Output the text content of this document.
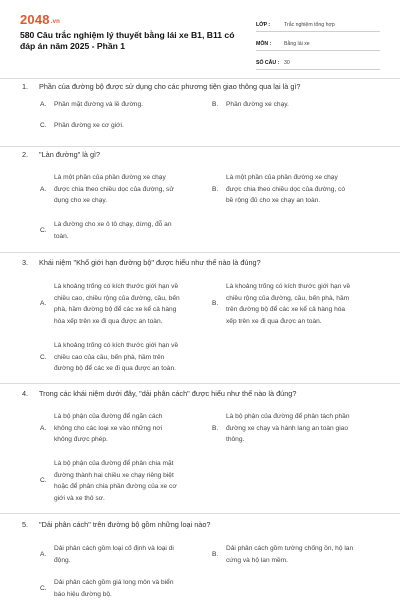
2048.vn
580 Câu trắc nghiệm lý thuyết bằng lái xe B1, B11 có đáp án năm 2025 - Phần 1
LỚP :	Trắc nghiệm tổng hợp
MÔN :	Bằng lái xe
SỐ CÂU : 30
1. Phần của đường bộ được sử dụng cho các phương tiện giao thông qua lại là gì?
A. Phần mặt đường và lề đường.	B. Phần đường xe chạy.
C. Phần đường xe cơ giới.
2. "Làn đường" là gì?
A.
Là một phần của phần đường xe chạy
được chia theo chiều dọc của đường, sử
dụng cho xe chạy.
B.
Là một phần của phần đường xe chạy
được chia theo chiều dọc của đường, có
bề rộng đủ cho xe chạy an toàn.
C.
Là đường cho xe ô tô chạy, dừng, đỗ an
toàn.
3. Khái niệm "Khổ giới hạn đường bộ" được hiểu như thế nào là đúng?
A.
Là khoảng trống có kích thước giới hạn về
chiều cao, chiều rộng của đường, cầu, bến
phà, hầm đường bộ để các xe kể cả hàng
hóa xếp trên xe đi qua được an toàn.
B.
Là khoảng trống có kích thước giới hạn về
chiều rộng của đường, cầu, bến phà, hầm
trên đường bộ để các xe kể cả hàng hóa
xếp trên xe đi qua được an toàn.
C.
Là khoảng trống có kích thước giới hạn về
chiều cao của cầu, bến phà, hầm trên
đường bộ để các xe đi qua được an toàn.
4. Trong các khái niệm dưới đây, "dải phân cách" được hiểu như thế nào là đúng?
A.
Là bộ phận của đường để ngăn cách
không cho các loại xe vào những nơi
không được phép.
B.
Là bộ phận của đường để phân tách phần
đường xe chạy và hành lang an toàn giao
thông.
C.
Là bộ phận của đường để phân chia mặt
đường thành hai chiều xe chạy riêng biệt
hoặc để phân chia phần đường của xe cơ
giới và xe thô sơ.
5. "Dải phân cách" trên đường bộ gồm những loại nào?
A.
Dải phân cách gồm loại cố định và loại di
động.
B.
Dải phân cách gồm tường chống ồn, hộ lan
cứng và hộ lan mềm.
C.
Dải phân cách gồm giá long môn và biển
báo hiệu đường bộ.
